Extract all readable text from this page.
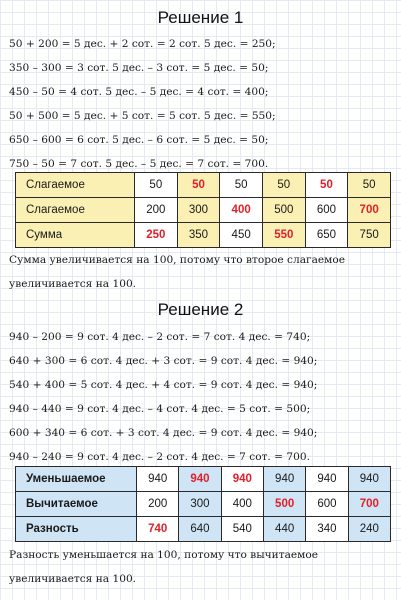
Решение 1
50 + 200 = 5 дес. + 2 сот. = 2 сот. 5 дес. = 250;
350 – 300 = 3 сот. 5 дес. – 3 сот. = 5 дес. = 50;
450 – 50 = 4 сот. 5 дес. – 5 дес. = 4 сот. = 400;
50 + 500 = 5 дес. + 5 сот. = 5 сот. 5 дес. = 550;
650 – 600 = 6 сот. 5 дес. – 6 сот. = 5 дес. = 50;
750 – 50 = 7 сот. 5 дес. – 5 дес. = 7 сот. = 700.
Слагаемое	50	50	50	50	50	50
Слагаемое	200	300	400	500	600	700
Сумма	250	350	450	550	650	750
Сумма увеличивается на 100, потому что второе слагаемое увеличивается на 100.
Решение 2
940 – 200 = 9 сот. 4 дес. – 2 сот. = 7 сот. 4 дес. = 740;
640 + 300 = 6 сот. 4 дес. + 3 сот. = 9 сот. 4 дес. = 940;
540 + 400 = 5 сот. 4 дес. + 4 сот. = 9 сот. 4 дес. = 940;
940 – 440 = 9 сот. 4 дес. – 4 сот. 4 дес. = 5 сот. = 500;
600 + 340 = 6 сот. + 3 сот. 4 дес. = 9 сот. 4 дес. = 940;
940 – 240 = 9 сот. 4 дес. – 2 сот. 4 дес. = 7 сот. = 700.
Уменьшаемое	940	940	940	940	940	940
Вычитаемое	200	300	400	500	600	700
Разность	740	640	540	440	340	240
Разность уменьшается на 100, потому что вычитаемое увеличивается на 100.
